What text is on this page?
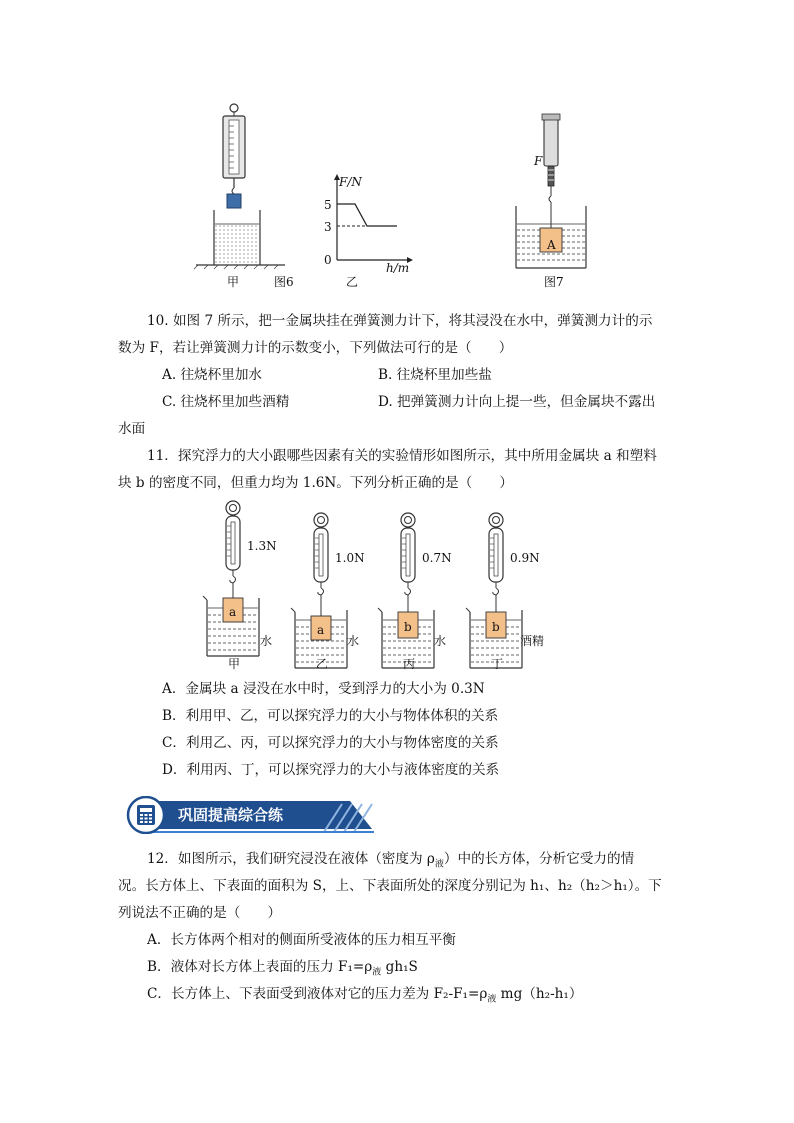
甲	图6
F/N
h/m
5
3
0
乙
F
A
图7
10. 如图 7 所示，把一金属块挂在弹簧测力计下，将其浸没在水中，弹簧测力计的示
数为 F，若让弹簧测力计的示数变小，下列做法可行的是（　　）
A. 往烧杯里加水	B. 往烧杯里加些盐
C. 往烧杯里加些酒精	D. 把弹簧测力计向上提一些，但金属块不露出
水面
11．探究浮力的大小跟哪些因素有关的实验情形如图所示，其中所用金属块 a 和塑料
块 b 的密度不同，但重力均为 1.6N。下列分析正确的是（　　）
1.3N
1.0N	0.7N	0.9N
a
a	b	b
水	水	水	酒精
甲	乙	丙	丁
A．金属块 a 浸没在水中时，受到浮力的大小为 0.3N
B．利用甲、乙，可以探究浮力的大小与物体体积的关系
C．利用乙、丙，可以探究浮力的大小与物体密度的关系
D．利用丙、丁，可以探究浮力的大小与液体密度的关系
巩固提高综合练
12．如图所示，我们研究浸没在液体（密度为 $\rho_液$）中的长方体，分析它受力的情
况。长方体上、下表面的面积为 S，上、下表面所处的深度分别记为 h₁、h₂（h₂＞h₁）。下
列说法不正确的是（　　）
A．长方体两个相对的侧面所受液体的压力相互平衡
B．液体对长方体上表面的压力 $F_1=\rho_液$ gh₁S
C．长方体上、下表面受到液体对它的压力差为 $F_2-F_1=\rho_液$ mg（h₂-h₁）
